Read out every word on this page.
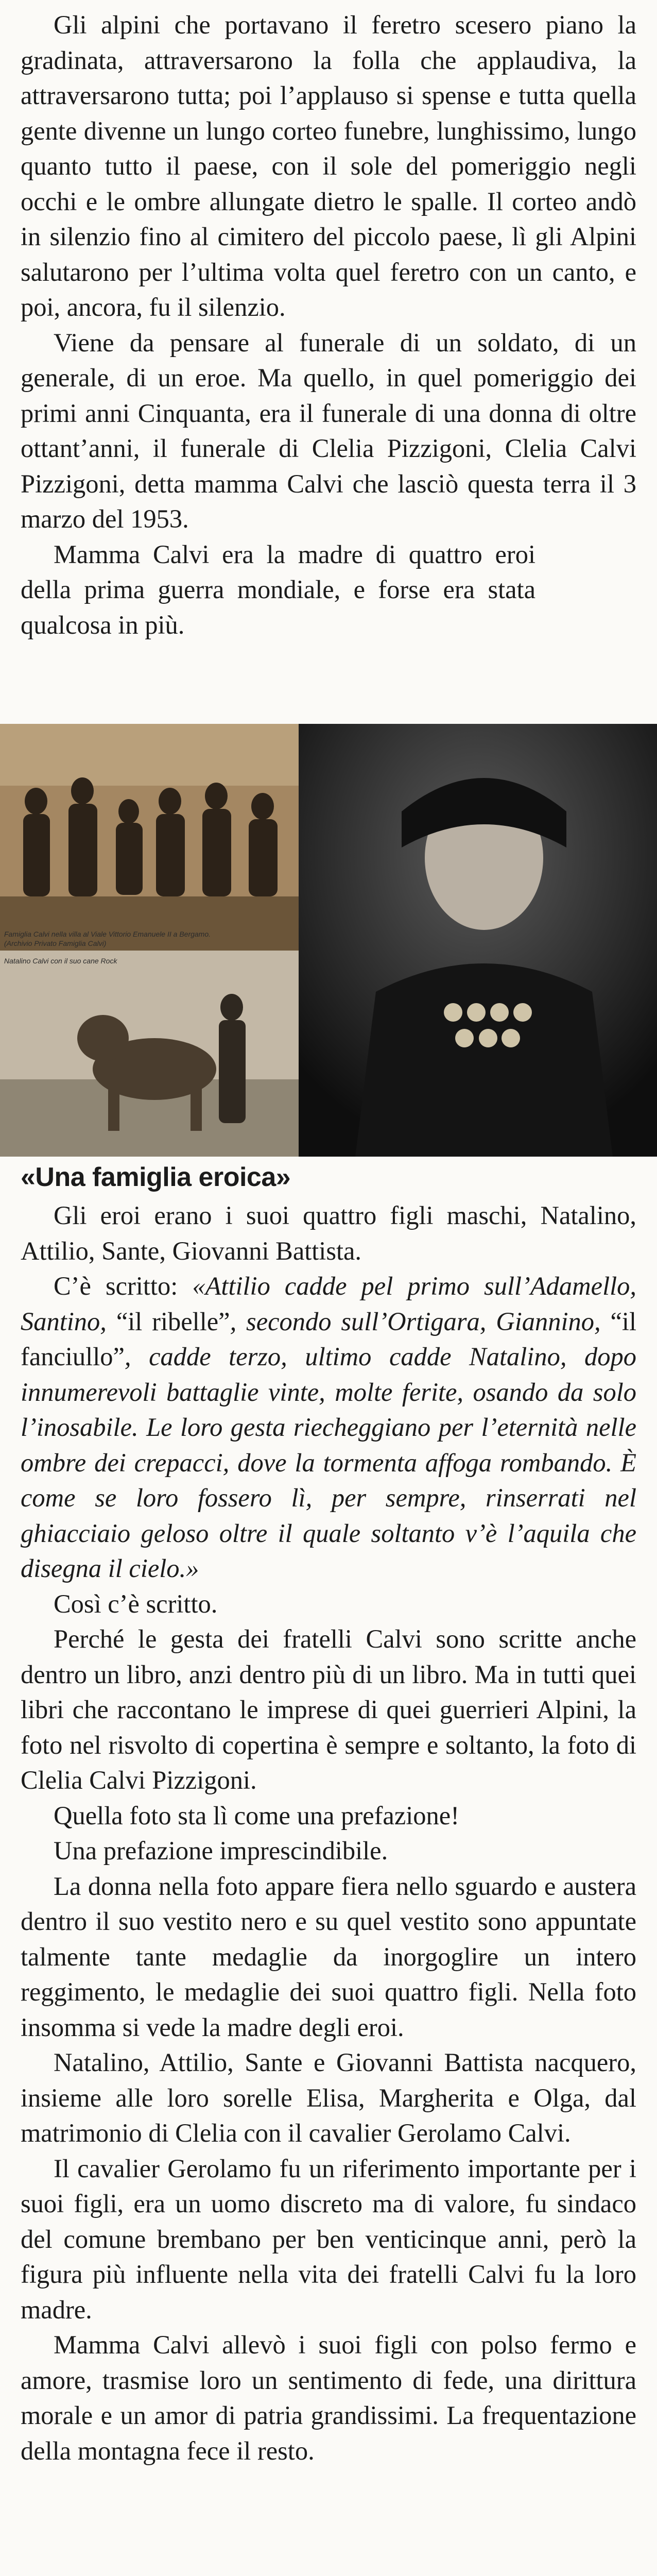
Gli alpini che portavano il feretro scesero piano la gradinata, attraversarono la folla che applaudiva, la attraversarono tutta; poi l’applauso si spense e tutta quella gente divenne un lungo corteo funebre, lunghissimo, lungo quanto tutto il paese, con il sole del pomeriggio negli occhi e le ombre allungate dietro le spalle. Il corteo andò in silenzio fino al cimitero del piccolo paese, lì gli Alpini salutarono per l’ultima volta quel feretro con un canto, e poi, ancora, fu il silenzio.

Viene da pensare al funerale di un soldato, di un generale, di un eroe. Ma quello, in quel pomeriggio dei primi anni Cinquanta, era il funerale di una donna di oltre ottant’anni, il funerale di Clelia Pizzigoni, Clelia Calvi Pizzigoni, detta mamma Calvi che lasciò questa terra il 3 marzo del 1953.

Mamma Calvi era la madre di quattro eroi della prima guerra mondiale, e forse era stata qualcosa in più.

Famiglia Calvi nella villa al Viale Vittorio Emanuele II a Bergamo.
(Archivio Privato Famiglia Calvi)
Natalino Calvi con il suo cane Rock
«Una famiglia eroica»

Gli eroi erano i suoi quattro figli maschi, Natalino, Attilio, Sante, Giovanni Battista.

C’è scritto: «Attilio cadde pel primo sull’Adamello, Santino, “il ribelle”, secondo sull’Ortigara, Giannino, “il fanciullo”, cadde terzo, ultimo cadde Natalino, dopo innumerevoli battaglie vinte, molte ferite, osando da solo l’inosabile. Le loro gesta riecheggiano per l’eternità nelle ombre dei crepacci, dove la tormenta affoga rombando. È come se loro fossero lì, per sempre, rinserrati nel ghiacciaio geloso oltre il quale soltanto v’è l’aquila che disegna il cielo.»

Così c’è scritto.

Perché le gesta dei fratelli Calvi sono scritte anche dentro un libro, anzi dentro più di un libro. Ma in tutti quei libri che raccontano le imprese di quei guerrieri Alpini, la foto nel risvolto di copertina è sempre e soltanto, la foto di Clelia Calvi Pizzigoni.

Quella foto sta lì come una prefazione!

Una prefazione imprescindibile.

La donna nella foto appare fiera nello sguardo e austera dentro il suo vestito nero e su quel vestito sono appuntate talmente tante medaglie da inorgoglire un intero reggimento, le medaglie dei suoi quattro figli. Nella foto insomma si vede la madre degli eroi.

Natalino, Attilio, Sante e Giovanni Battista nacquero, insieme alle loro sorelle Elisa, Margherita e Olga, dal matrimonio di Clelia con il cavalier Gerolamo Calvi.

Il cavalier Gerolamo fu un riferimento importante per i suoi figli, era un uomo discreto ma di valore, fu sindaco del comune brembano per ben venticinque anni, però la figura più influente nella vita dei fratelli Calvi fu la loro madre.

Mamma Calvi allevò i suoi figli con polso fermo e amore, trasmise loro un sentimento di fede, una dirittura morale e un amor di patria grandissimi. La frequentazione della montagna fece il resto.
